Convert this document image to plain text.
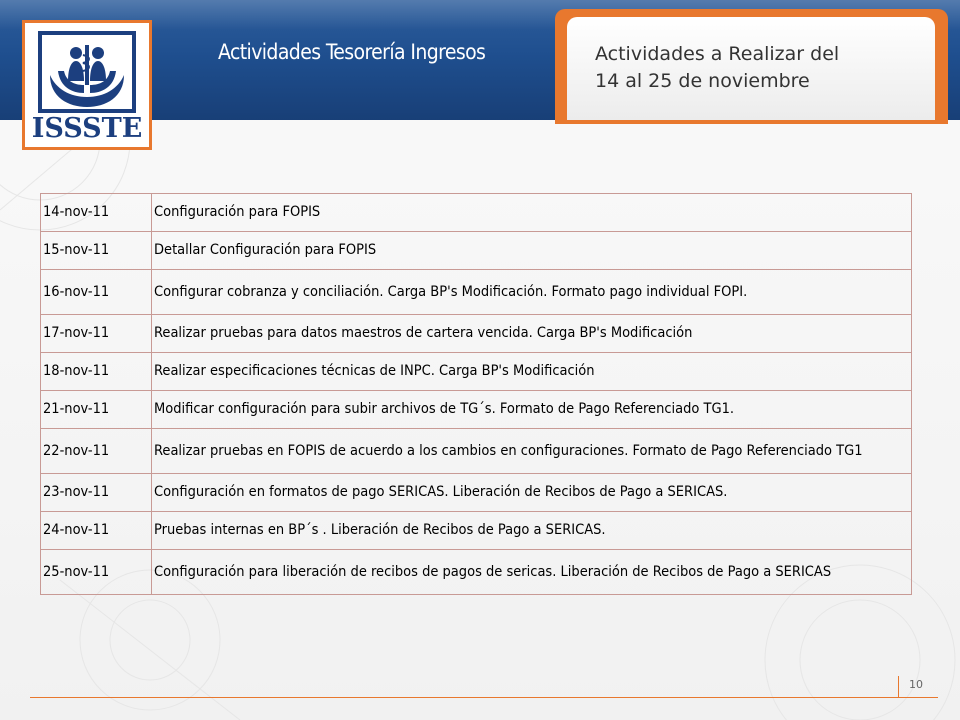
ISSSTE
Actividades Tesorería Ingresos	Actividades a Realizar del
14 al 25 de noviembre
14-nov-11	Configuración para FOPIS
15-nov-11	Detallar Configuración para FOPIS
16-nov-11	Configurar cobranza y conciliación. Carga BP's Modificación. Formato pago individual FOPI.
17-nov-11	Realizar pruebas para datos maestros de cartera vencida. Carga BP's Modificación
18-nov-11	Realizar especificaciones técnicas de INPC. Carga BP's Modificación
21-nov-11	Modificar configuración para subir archivos de TG´s. Formato de Pago Referenciado TG1.
22-nov-11	Realizar pruebas en FOPIS de acuerdo a los cambios en configuraciones. Formato de Pago Referenciado TG1
23-nov-11	Configuración en formatos de pago SERICAS. Liberación de Recibos de Pago a SERICAS.
24-nov-11	Pruebas internas en BP´s . Liberación de Recibos de Pago a SERICAS.
25-nov-11	Configuración para liberación de recibos de pagos de sericas. Liberación de Recibos de Pago a SERICAS
10
